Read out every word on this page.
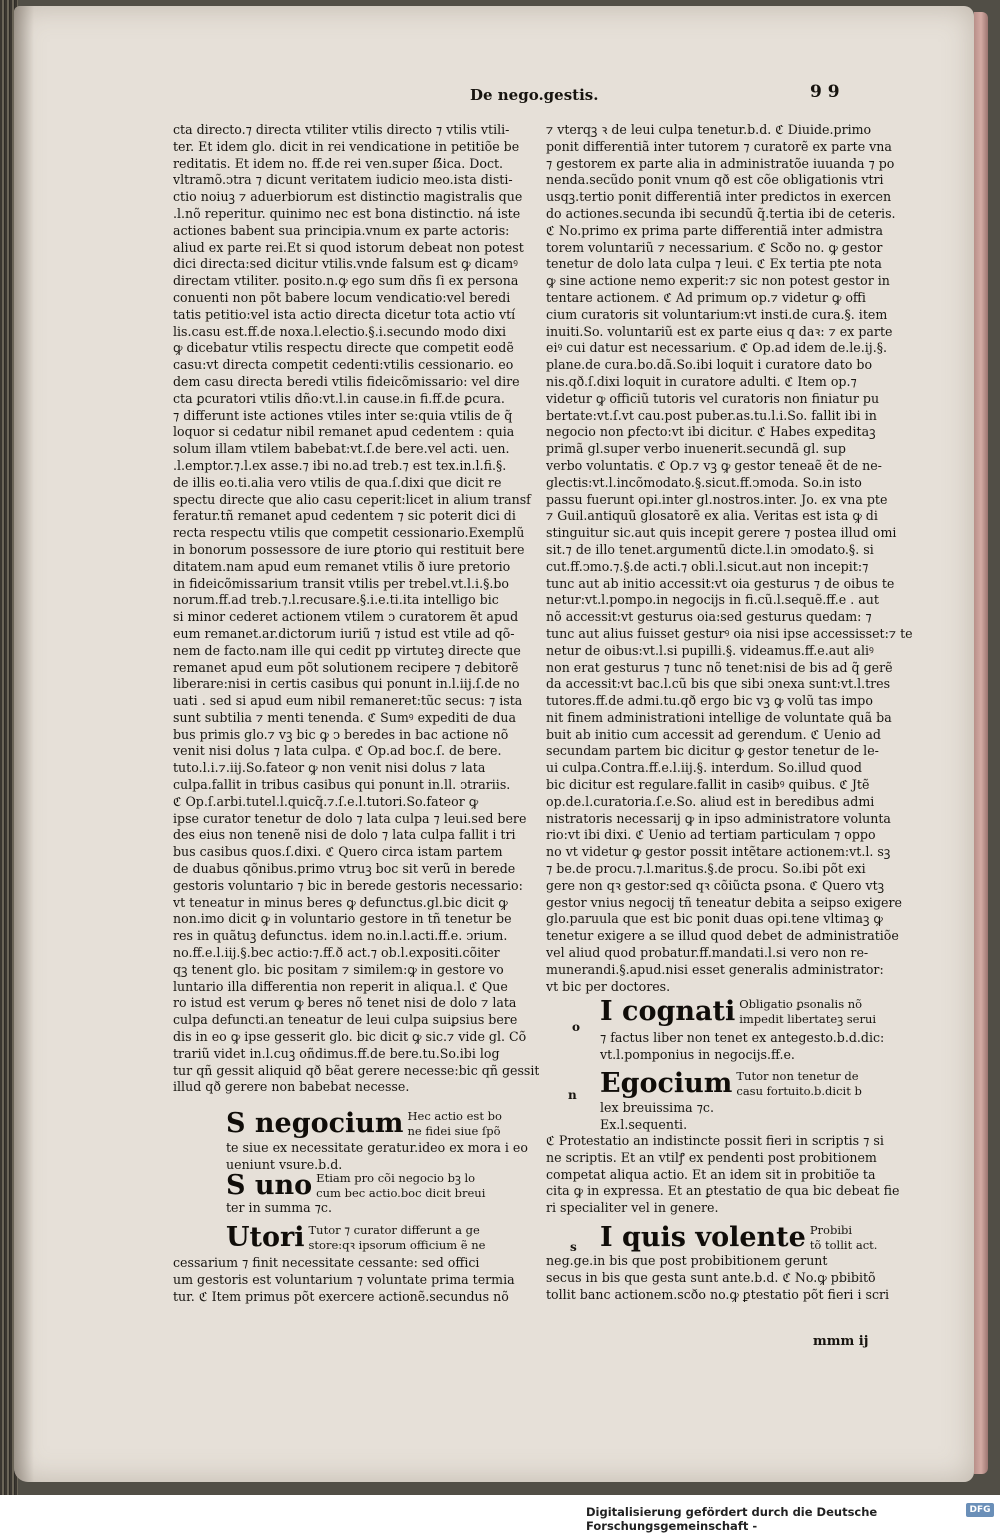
De nego.gestis.	9 9
cta directo.⁊ directa vtiliter vtilis directo ⁊ vtilis vtili-
ter. Et idem glo. dicit in rei vendicatione in petitiõe be
reditatis. Et idem no. ff.de rei ven.super ẞica. Doct.
vltramõ.ↄtra ⁊ dicunt veritatem iudicio meo.ista disti-
ctio noiuꝫ ⁊ aduerbiorum est distinctio magistralis que
.l.nõ reperitur. quinimo nec est bona distinctio. ná iste
actiones babent sua principia.vnum ex parte actoris:
aliud ex parte rei.Et si quod istorum debeat non potest
dici directa:sed dicitur vtilis.vnde falsum est ꝙ dicamꝰ
directam vtiliter. posito.n.ꝙ ego sum dñs ſi ex persona
conuenti non põt babere locum vendicatio:vel beredi
tatis petitio:vel ista actio directa dicetur tota actio vtí
lis.casu est.ff.de noxa.l.electio.§.i.secundo modo dixi
ꝙ dicebatur vtilis respectu directe que competit eodẽ
casu:vt directa competit cedenti:vtilis cessionario. eo
dem casu directa beredi vtilis fideicõmissario: vel dire
cta ꝑcuratori vtilis dño:vt.l.in cause.in fi.ff.de ꝑcura.
⁊ differunt iste actiones vtiles inter se:quia vtilis de q̃
loquor si cedatur nibil remanet apud cedentem : quia
solum illam vtilem babebat:vt.ſ.de bere.vel acti. uen.
.l.emptor.⁊.l.ex asse.⁊ ibi no.ad treb.⁊ est tex.in.l.fi.§.
de illis eo.ti.alia vero vtilis de qua.ſ.dixi que dicit re
spectu directe que alio casu ceperit:licet in alium transf
feratur.tñ remanet apud cedentem ⁊ sic poterit dici di
recta respectu vtilis que competit cessionario.Exemplũ
in bonorum possessore de iure ꝑtorio qui restituit bere
ditatem.nam apud eum remanet vtilis ð iure pretorio
in fideicõmissarium transit vtilis per trebel.vt.l.i.§.bo
norum.ff.ad treb.⁊.l.recusare.§.i.e.ti.ita intelligo bic
si minor cederet actionem vtilem ↄ curatorem ẽt apud
eum remanet.ar.dictorum iuriũ ⁊ istud est vtile ad qõ-
nem de facto.nam ille qui cedit pp virtuteꝫ directe que
remanet apud eum põt solutionem recipere ⁊ debitorẽ
liberare:nisi in certis casibus qui ponunt in.l.iij.ſ.de no
uati . sed si apud eum nibil remaneret:tũc secus: ⁊ ista
sunt subtilia ⁊ menti tenenda. ℭ Sumꝰ expediti de dua
bus primis glo.⁊ vꝫ bic ꝙ ↄ beredes in bac actione nõ
venit nisi dolus ⁊ lata culpa. ℭ Op.ad boc.ſ. de bere.
tuto.l.i.⁊.iij.So.fateor ꝙ non venit nisi dolus ⁊ lata
culpa.fallit in tribus casibus qui ponunt in.ll. ↄtrariis.
ℭ Op.ſ.arbi.tutel.l.quicq̃.⁊.ſ.e.l.tutori.So.fateor ꝙ
ipse curator tenetur de dolo ⁊ lata culpa ⁊ leui.sed bere
des eius non tenenẽ nisi de dolo ⁊ lata culpa fallit i tri
bus casibus quos.ſ.dixi. ℭ Quero circa istam partem
de duabus qõnibus.primo vtruꝫ boc sit verũ in berede
gestoris voluntario ⁊ bic in berede gestoris necessario:
vt teneatur in minus beres ꝙ defunctus.gl.bic dicit ꝙ
non.imo dicit ꝙ in voluntario gestore in tñ tenetur be
res in quãtuꝫ defunctus. idem no.in.l.acti.ff.e. ↄrium.
no.ff.e.l.iij.§.bec actio:⁊.ff.ð act.⁊ ob.l.expositi.cõiter
qꝫ tenent glo. bic positam ⁊ similem:ꝙ in gestore vo
luntario illa differentia non reperit in aliqua.l. ℭ Que
ro istud est verum ꝙ beres nõ tenet nisi de dolo ⁊ lata
culpa defuncti.an teneatur de leui culpa suiꝑsius bere
dis in eo ꝙ ipse gesserit glo. bic dicit ꝙ sic.⁊ vide gl. Cõ
trariũ videt in.l.cuꝫ oñdimus.ff.de bere.tu.So.ibi log
tur qñ gessit aliquid qð bẽat gerere necesse:bic qñ gessit
illud qð gerere non babebat necesse.
S negocium Hec actio est bo
ne fidei siue ſpõ
te siue ex necessitate geratur.ideo ex mora i eo
ueniunt vsure.b.d.
S uno Etiam pro cõi negocio bꝫ lo
cum bec actio.boc dicit breui
ter in summa ⁊c.
Utori Tutor ⁊ curator differunt a ge
store:qꝛ ipsorum officium ẽ ne
cessarium ⁊ finit necessitate cessante: sed offici
um gestoris est voluntarium ⁊ voluntate prima termia
tur. ℭ Item primus põt exercere actionẽ.secundus nõ
⁊ vterqꝫ ꝛ de leui culpa tenetur.b.d. ℭ Diuide.primo
ponit differentiã inter tutorem ⁊ curatorẽ ex parte vna
⁊ gestorem ex parte alia in administratõe iuuanda ⁊ po
nenda.secũdo ponit vnum qð est cõe obligationis vtri
usqꝫ.tertio ponit differentiã inter predictos in exercen
do actiones.secunda ibi secundũ q̃.tertia ibi de ceteris.
ℭ No.primo ex prima parte differentiã inter admistra
torem voluntariũ ⁊ necessarium. ℭ Scðo no. ꝙ gestor
tenetur de dolo lata culpa ⁊ leui. ℭ Ex tertia pte nota
ꝙ sine actione nemo experit:⁊ sic non potest gestor in
tentare actionem. ℭ Ad primum op.⁊ videtur ꝙ offi
cium curatoris sit voluntarium:vt insti.de cura.§. item
inuiti.So. voluntariũ est ex parte eius q daꝛ: ⁊ ex parte
eiꝰ cui datur est necessarium. ℭ Op.ad idem de.le.ij.§.
plane.de cura.bo.dã.So.ibi loquit i curatore dato bo
nis.qð.ſ.dixi loquit in curatore adulti. ℭ Item op.⁊
videtur ꝙ officiũ tutoris vel curatoris non finiatur pu
bertate:vt.ſ.vt cau.post puber.as.tu.l.i.So. fallit ibi in
negocio non ꝑfecto:vt ibi dicitur. ℭ Habes expeditaꝫ
primã gl.super verbo inuenerit.secundã gl. sup
verbo voluntatis. ℭ Op.⁊ vꝫ ꝙ gestor teneaẽ ẽt de ne-
glectis:vt.l.incõmodato.§.sicut.ff.ↄmoda. So.in isto
passu fuerunt opi.inter gl.nostros.inter. Jo. ex vna pte
⁊ Guil.antiquũ glosatorẽ ex alia. Veritas est ista ꝙ di
stinguitur sic.aut quis incepit gerere ⁊ postea illud omi
sit.⁊ de illo tenet.argumentũ dicte.l.in ↄmodato.§. si
cut.ff.ↄmo.⁊.§.de acti.⁊ obli.l.sicut.aut non incepit:⁊
tunc aut ab initio accessit:vt oia gesturus ⁊ de oibus te
netur:vt.l.pompo.in negocijs in fi.cũ.l.sequẽ.ff.e . aut
nõ accessit:vt gesturus oia:sed gesturus quedam: ⁊
tunc aut alius fuisset gesturꝰ oia nisi ipse accessisset:⁊ te
netur de oibus:vt.l.si pupilli.§. videamus.ff.e.aut aliꝰ
non erat gesturus ⁊ tunc nõ tenet:nisi de bis ad q̃ gerẽ
da accessit:vt bac.l.cũ bis que sibi ↄnexa sunt:vt.l.tres
tutores.ff.de admi.tu.qð ergo bic vꝫ ꝙ volũ tas impo
nit finem administrationi intellige de voluntate quã ba
buit ab initio cum accessit ad gerendum. ℭ Uenio ad
secundam partem bic dicitur ꝙ gestor tenetur de le-
ui culpa.Contra.ff.e.l.iij.§. interdum. So.illud quod
bic dicitur est regulare.fallit in casibꝰ quibus. ℭ Jtẽ
op.de.l.curatoria.ſ.e.So. aliud est in beredibus admi
nistratoris necessarij ꝙ in ipso administratore volunta
rio:vt ibi dixi. ℭ Uenio ad tertiam particulam ⁊ oppo
no vt videtur ꝙ gestor possit intẽtare actionem:vt.l. sꝫ
⁊ be.de procu.⁊.l.maritus.§.de procu. So.ibi põt exi
gere non qꝛ gestor:sed qꝛ cõiũcta ꝑsona. ℭ Quero vtꝫ
gestor vnius negocij tñ teneatur debita a seipso exigere
glo.paruula que est bic ponit duas opi.tene vltimaꝫ ꝙ
tenetur exigere a se illud quod debet de administratiõe
vel aliud quod probatur.ff.mandati.l.si vero non re-
munerandi.§.apud.nisi esset generalis administrator:
vt bic per doctores.
I cognati Obligatio ꝑsonalis nõ
impedit libertateꝫ serui
⁊ factus liber non tenet ex antegesto.b.d.dic:
vt.l.pomponius in negocijs.ff.e.
o
Egocium Tutor non tenetur de
casu fortuito.b.dicit b
lex breuissima ⁊c.
Ex.l.sequenti.
n
ℭ Protestatio an indistincte possit fieri in scriptis ⁊ si
ne scriptis. Et an vtilꝭ ex pendenti post probitionem
competat aliqua actio. Et an idem sit in probitiõe ta
cita ꝙ in expressa. Et an ꝑtestatio de qua bic debeat fie
ri specialiter vel in genere.
I quis volente Probibi
tõ tollit act.
neg.ge.in bis que post probibitionem gerunt
secus in bis que gesta sunt ante.b.d. ℭ No.ꝙ pbibitõ
tollit banc actionem.scðo no.ꝙ ꝑtestatio põt fieri i scri
s
mmm ij
Digitalisierung gefördert durch die Deutsche Forschungsgemeinschaft -
DFG
